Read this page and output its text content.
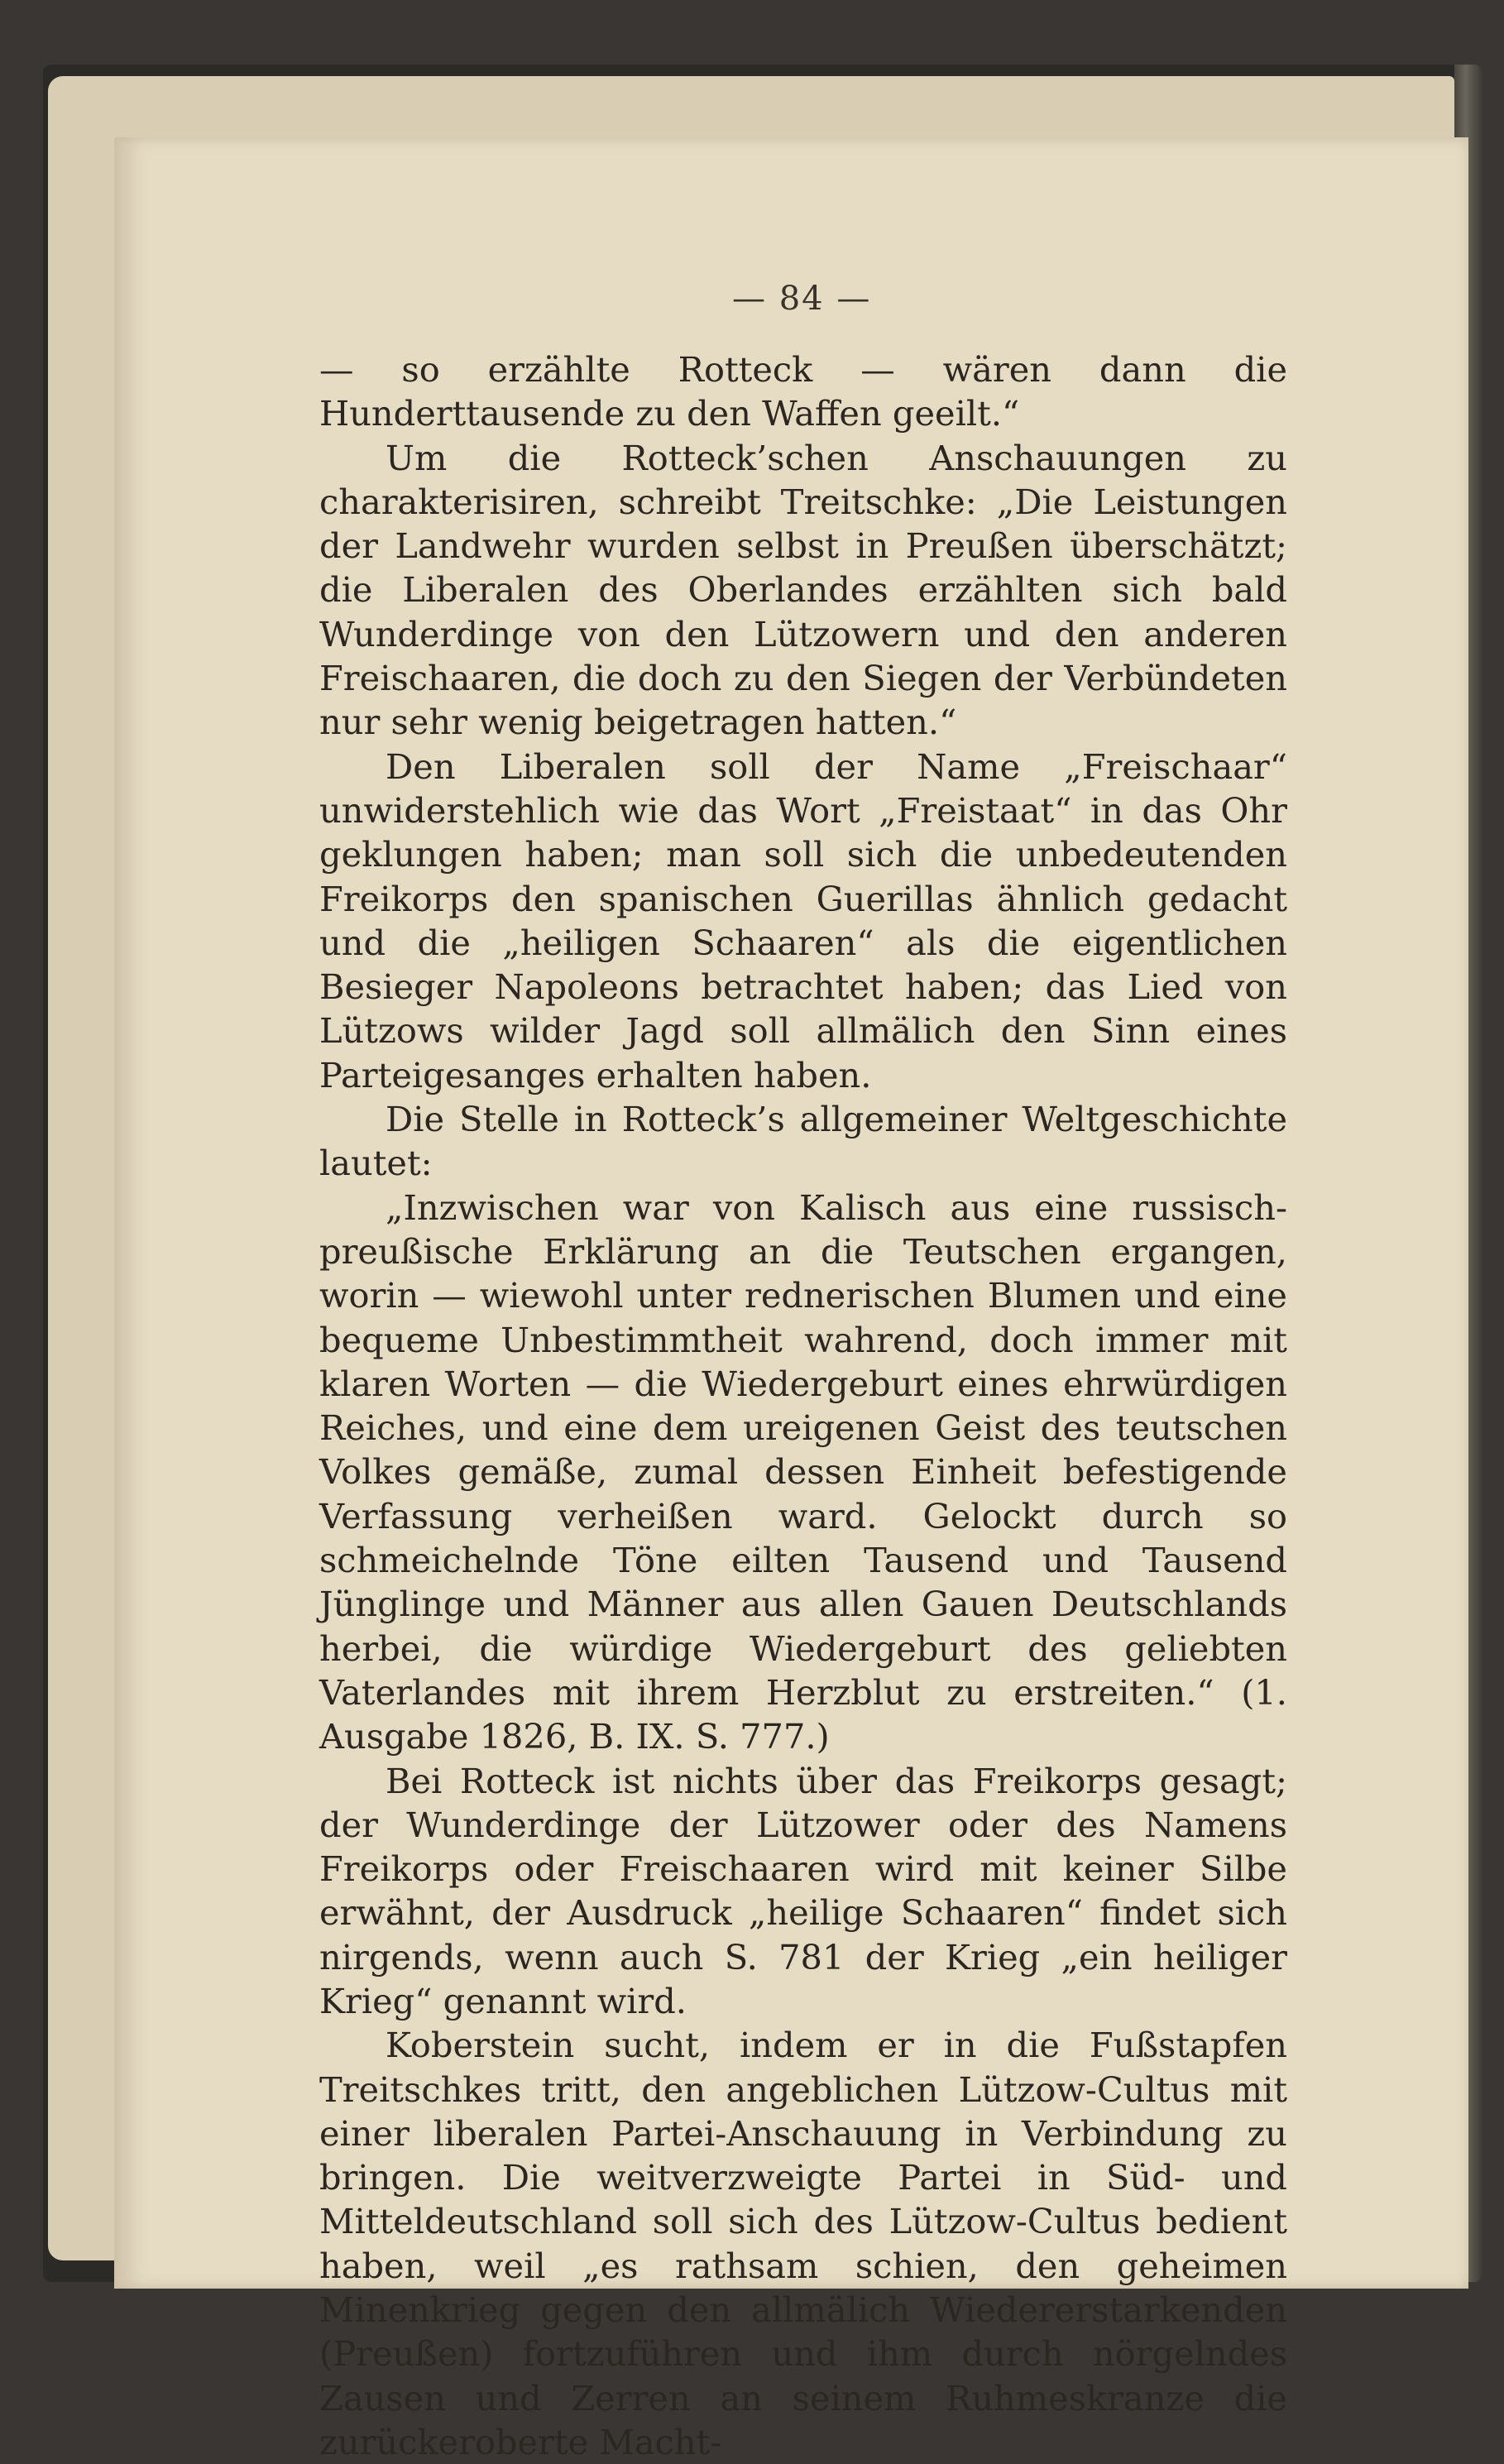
— 84 —

— so erzählte Rotteck — wären dann die Hunderttausende zu den Waffen geeilt.“

Um die Rotteck’schen Anschauungen zu charakterisiren, schreibt Treitschke: „Die Leistungen der Landwehr wurden selbst in Preußen überschätzt; die Liberalen des Oberlandes erzählten sich bald Wunderdinge von den Lützowern und den anderen Freischaaren, die doch zu den Siegen der Verbündeten nur sehr wenig beigetragen hatten.“

Den Liberalen soll der Name „Freischaar“ unwiderstehlich wie das Wort „Freistaat“ in das Ohr geklungen haben; man soll sich die unbedeutenden Freikorps den spanischen Guerillas ähnlich gedacht und die „heiligen Schaaren“ als die eigentlichen Besieger Napoleons betrachtet haben; das Lied von Lützows wilder Jagd soll allmälich den Sinn eines Parteigesanges erhalten haben.

Die Stelle in Rotteck’s allgemeiner Weltgeschichte lautet:

„Inzwischen war von Kalisch aus eine russisch-preußische Erklärung an die Teutschen ergangen, worin — wiewohl unter rednerischen Blumen und eine bequeme Unbestimmtheit wahrend, doch immer mit klaren Worten — die Wiedergeburt eines ehrwürdigen Reiches, und eine dem ureigenen Geist des teutschen Volkes gemäße, zumal dessen Einheit befestigende Verfassung verheißen ward. Gelockt durch so schmeichelnde Töne eilten Tausend und Tausend Jünglinge und Männer aus allen Gauen Deutschlands herbei, die würdige Wiedergeburt des geliebten Vaterlandes mit ihrem Herzblut zu erstreiten.“ (1. Ausgabe 1826, B. IX. S. 777.)

Bei Rotteck ist nichts über das Freikorps gesagt; der Wunderdinge der Lützower oder des Namens Freikorps oder Freischaaren wird mit keiner Silbe erwähnt, der Ausdruck „heilige Schaaren“ findet sich nirgends, wenn auch S. 781 der Krieg „ein heiliger Krieg“ genannt wird.

Koberstein sucht, indem er in die Fußstapfen Treitschkes tritt, den angeblichen Lützow-Cultus mit einer liberalen Partei-Anschauung in Verbindung zu bringen. Die weitverzweigte Partei in Süd- und Mitteldeutschland soll sich des Lützow-Cultus bedient haben, weil „es rathsam schien, den geheimen Minenkrieg gegen den allmälich Wiedererstarkenden (Preußen) fortzuführen und ihm durch nörgelndes Zausen und Zerren an seinem Ruhmeskranze die zurückeroberte Macht-
